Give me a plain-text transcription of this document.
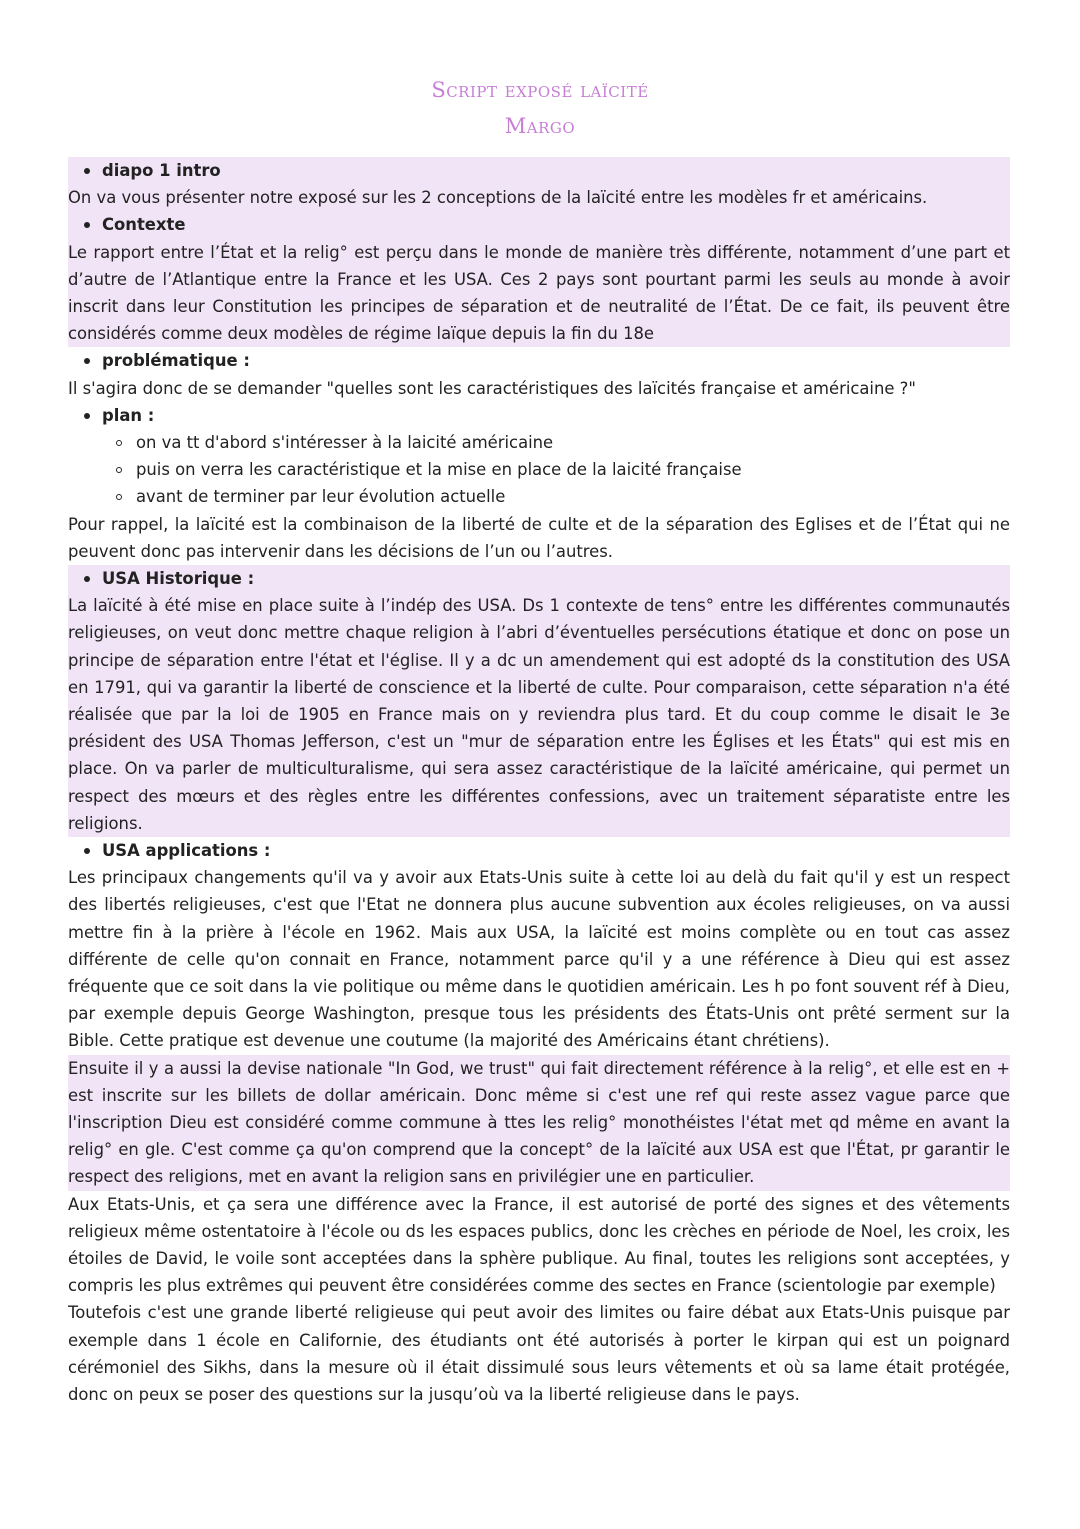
Script exposé laïcité
Margo
diapo 1 intro
On va vous présenter notre exposé sur les 2 conceptions de la laïcité entre les modèles fr et américains.
Contexte
Le rapport entre l’État et la relig° est perçu dans le monde de manière très différente, notamment d’une part et d’autre de l’Atlantique entre la France et les USA. Ces 2 pays sont pourtant parmi les seuls au monde à avoir inscrit dans leur Constitution les principes de séparation et de neutralité de l’État. De ce fait, ils peuvent être considérés comme deux modèles de régime laïque depuis la fin du 18e
problématique :
Il s'agira donc de se demander "quelles sont les caractéristiques des laïcités française et américaine ?"
plan :
on va tt d'abord s'intéresser à la laicité américaine
puis on verra les caractéristique et la mise en place de la laicité française
avant de terminer par leur évolution actuelle
Pour rappel, la laïcité est la combinaison de la liberté de culte et de la séparation des Eglises et de l’État qui ne peuvent donc pas intervenir dans les décisions de l’un ou l’autres.
USA Historique :
La laïcité à été mise en place suite à l’indép des USA. Ds 1 contexte de tens° entre les différentes communautés religieuses, on veut donc mettre chaque religion à l’abri d’éventuelles persécutions étatique et donc on pose un principe de séparation entre l'état et l'église. Il y a dc un amendement qui est adopté ds la constitution des USA en 1791, qui va garantir la liberté de conscience et la liberté de culte. Pour comparaison, cette séparation n'a été réalisée que par la loi de 1905 en France mais on y reviendra plus tard. Et du coup comme le disait le 3e président des USA Thomas Jefferson, c'est un "mur de séparation entre les Églises et les États" qui est mis en place. On va parler de multiculturalisme, qui sera assez caractéristique de la laïcité américaine, qui permet un respect des mœurs et des règles entre les différentes confessions, avec un traitement séparatiste entre les religions.
USA applications :
Les principaux changements qu'il va y avoir aux Etats-Unis suite à cette loi au delà du fait qu'il y est un respect des libertés religieuses, c'est que l'Etat ne donnera plus aucune subvention aux écoles religieuses, on va aussi mettre fin à la prière à l'école en 1962. Mais aux USA, la laïcité est moins complète ou en tout cas assez différente de celle qu'on connait en France, notamment parce qu'il y a une référence à Dieu qui est assez fréquente que ce soit dans la vie politique ou même dans le quotidien américain. Les h po font souvent réf à Dieu, par exemple depuis George Washington, presque tous les présidents des États-Unis ont prêté serment sur la Bible. Cette pratique est devenue une coutume (la majorité des Américains étant chrétiens).
Ensuite il y a aussi la devise nationale "In God, we trust" qui fait directement référence à la relig°, et elle est en + est inscrite sur les billets de dollar américain. Donc même si c'est une ref qui reste assez vague parce que l'inscription Dieu est considéré comme commune à ttes les relig° monothéistes l'état met qd même en avant la relig° en gle. C'est comme ça qu'on comprend que la concept° de la laïcité aux USA est que l'État, pr garantir le respect des religions, met en avant la religion sans en privilégier une en particulier.
Aux Etats-Unis, et ça sera une différence avec la France, il est autorisé de porté des signes et des vêtements religieux même ostentatoire à l'école ou ds les espaces publics, donc les crèches en période de Noel, les croix, les étoiles de David, le voile sont acceptées dans la sphère publique. Au final, toutes les religions sont acceptées, y compris les plus extrêmes qui peuvent être considérées comme des sectes en France (scientologie par exemple)
Toutefois c'est une grande liberté religieuse qui peut avoir des limites ou faire débat aux Etats-Unis puisque par exemple dans 1 école en Californie, des étudiants ont été autorisés à porter le kirpan qui est un poignard cérémoniel des Sikhs, dans la mesure où il était dissimulé sous leurs vêtements et où sa lame était protégée, donc on peux se poser des questions sur la jusqu’où va la liberté religieuse dans le pays.
